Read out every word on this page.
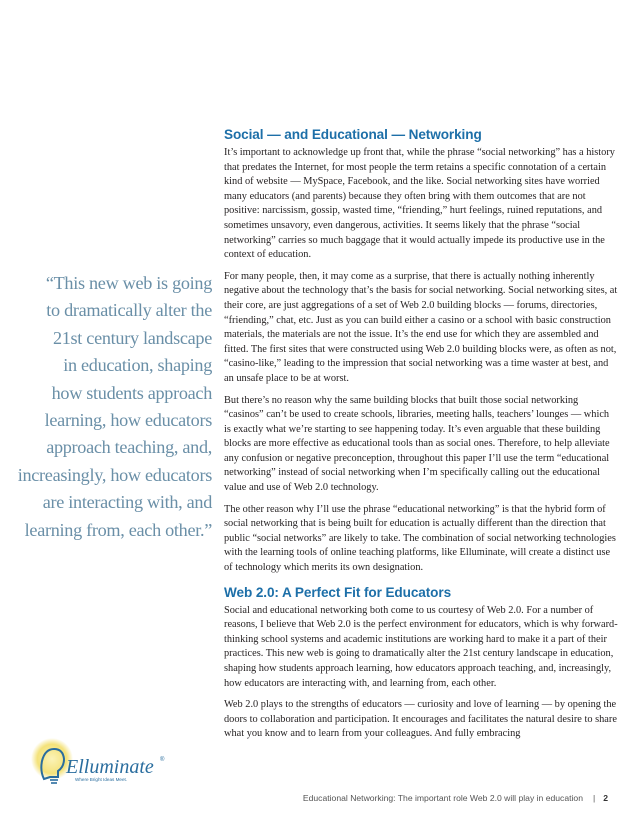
“This new web is going
to dramatically alter the
21st century landscape
in education, shaping
how students approach
learning, how educators
approach teaching, and,
increasingly, how educators
are interacting with, and
learning from, each other.”
Social — and Educational — Networking

It’s important to acknowledge up front that, while the phrase “social networking” has a history that predates the Internet, for most people the term retains a specific connotation of a certain kind of website — MySpace, Facebook, and the like. Social networking sites have worried many educators (and parents) because they often bring with them outcomes that are not positive: narcissism, gossip, wasted time, “friending,” hurt feelings, ruined reputations, and sometimes unsavory, even dangerous, activities. It seems likely that the phrase “social networking” carries so much baggage that it would actually impede its productive use in the context of education.

For many people, then, it may come as a surprise, that there is actually nothing inherently negative about the technology that’s the basis for social networking. Social networking sites, at their core, are just aggregations of a set of Web 2.0 building blocks — forums, directories, “friending,” chat, etc. Just as you can build either a casino or a school with basic construction materials, the materials are not the issue. It’s the end use for which they are assembled and fitted. The first sites that were constructed using Web 2.0 building blocks were, as often as not, “casino-like,” leading to the impression that social networking was a time waster at best, and an unsafe place to be at worst.

But there’s no reason why the same building blocks that built those social networking “casinos” can’t be used to create schools, libraries, meeting halls, teachers’ lounges — which is exactly what we’re starting to see happening today. It’s even arguable that these building blocks are more effective as educational tools than as social ones. Therefore, to help alleviate any confusion or negative preconception, throughout this paper I’ll use the term “educational networking” instead of social networking when I’m specifically calling out the educational value and use of Web 2.0 technology.

The other reason why I’ll use the phrase “educational networking” is that the hybrid form of social networking that is being built for education is actually different than the direction that public “social networks” are likely to take. The combination of social networking technologies with the learning tools of online teaching platforms, like Elluminate, will create a distinct use of technology which merits its own designation.

Web 2.0: A Perfect Fit for Educators

Social and educational networking both come to us courtesy of Web 2.0. For a number of reasons, I believe that Web 2.0 is the perfect environment for educators, which is why forward-thinking school systems and academic institutions are working hard to make it a part of their practices. This new web is going to dramatically alter the 21st century landscape in education, shaping how students approach learning, how educators approach teaching, and, increasingly, how educators are interacting with, and learning from, each other.

Web 2.0 plays to the strengths of educators — curiosity and love of learning — by opening the doors to collaboration and participation. It encourages and facilitates the natural desire to share what you know and to learn from your colleagues. And fully embracing

Elluminate ®
Where Bright Ideas Meet.
Educational Networking: The important role Web 2.0 will play in education | 2
